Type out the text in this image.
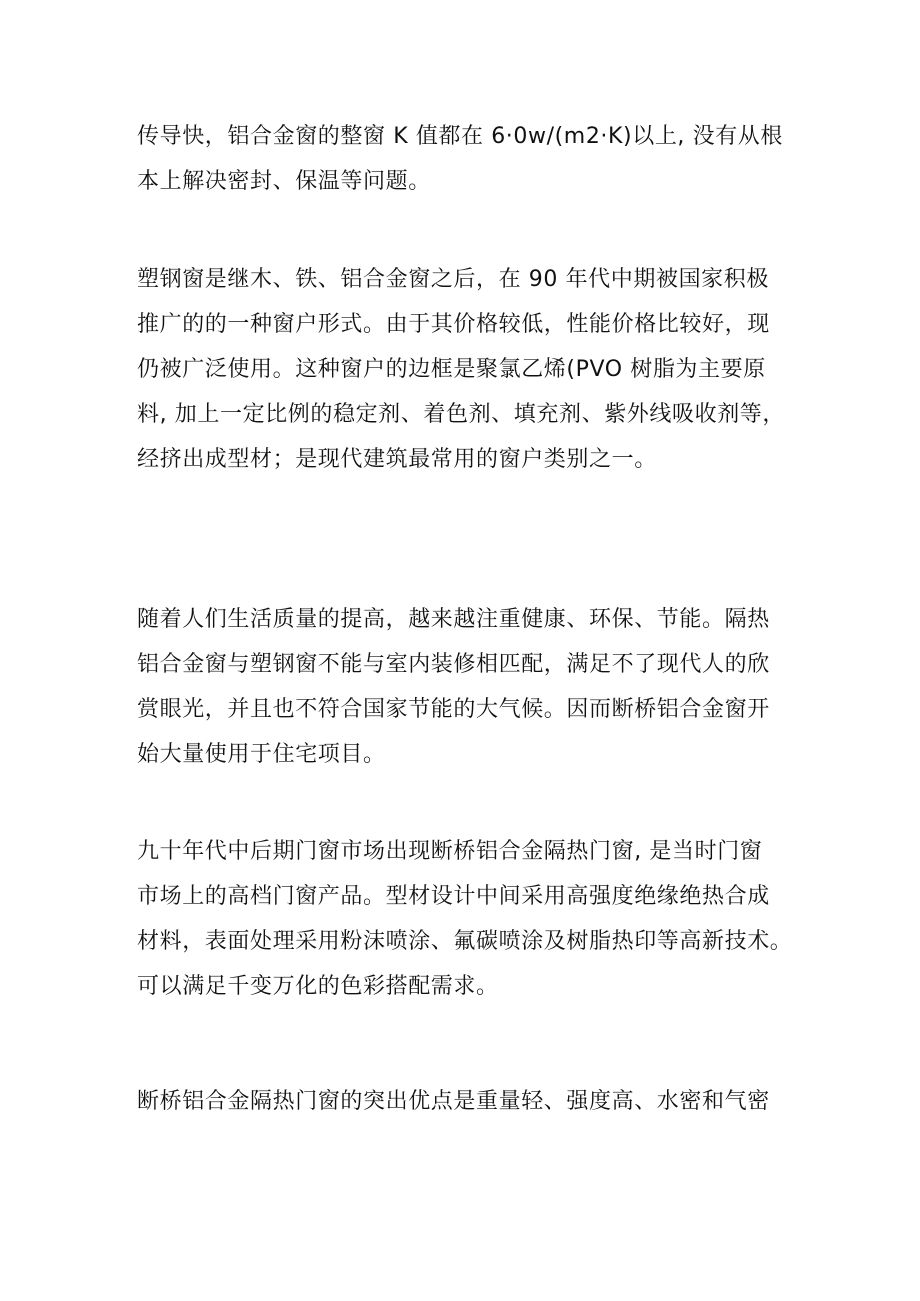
传导快，铝合金窗的整窗 K 值都在 6·0w/(m2·K)以上, 没有从根
本上解决密封、保温等问题。
塑钢窗是继木、铁、铝合金窗之后，在 90 年代中期被国家积极
推广的的一种窗户形式。由于其价格较低，性能价格比较好，现
仍被广泛使用。这种窗户的边框是聚氯乙烯(PVO 树脂为主要原
料, 加上一定比例的稳定剂、着色剂、填充剂、紫外线吸收剂等，
经挤出成型材；是现代建筑最常用的窗户类别之一。
随着人们生活质量的提高，越来越注重健康、环保、节能。隔热
铝合金窗与塑钢窗不能与室内装修相匹配，满足不了现代人的欣
赏眼光，并且也不符合国家节能的大气候。因而断桥铝合金窗开
始大量使用于住宅项目。
九十年代中后期门窗市场出现断桥铝合金隔热门窗, 是当时门窗
市场上的高档门窗产品。型材设计中间采用高强度绝缘绝热合成
材料，表面处理采用粉沫喷涂、氟碳喷涂及树脂热印等高新技术。
可以满足千变万化的色彩搭配需求。
断桥铝合金隔热门窗的突出优点是重量轻、强度高、水密和气密
